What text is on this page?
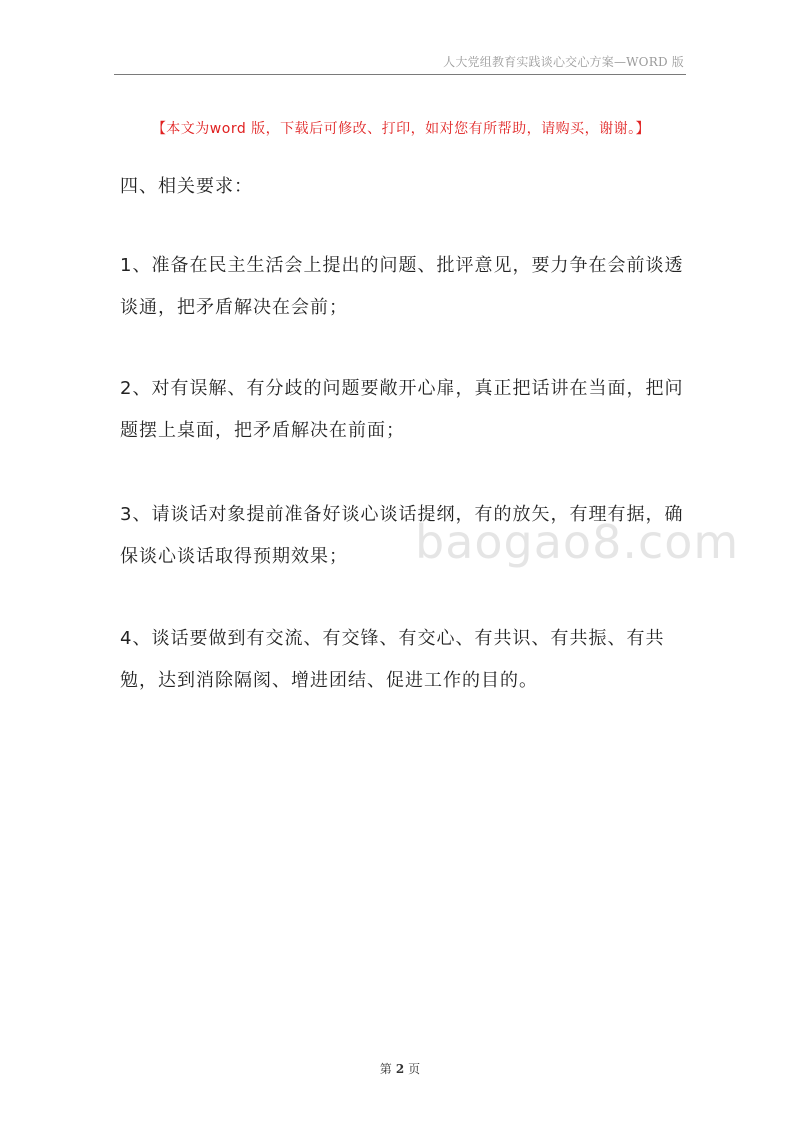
人大党组教育实践谈心交心方案—WORD 版
【本文为word 版，下载后可修改、打印，如对您有所帮助，请购买，谢谢。】
四、相关要求：

1、准备在民主生活会上提出的问题、批评意见，要力争在会前谈透谈通，把矛盾解决在会前；

2、对有误解、有分歧的问题要敞开心扉，真正把话讲在当面，把问题摆上桌面，把矛盾解决在前面；

3、请谈话对象提前准备好谈心谈话提纲，有的放矢，有理有据，确保谈心谈话取得预期效果；

4、谈话要做到有交流、有交锋、有交心、有共识、有共振、有共勉，达到消除隔阂、增进团结、促进工作的目的。

baogao8.com
第 2 页
